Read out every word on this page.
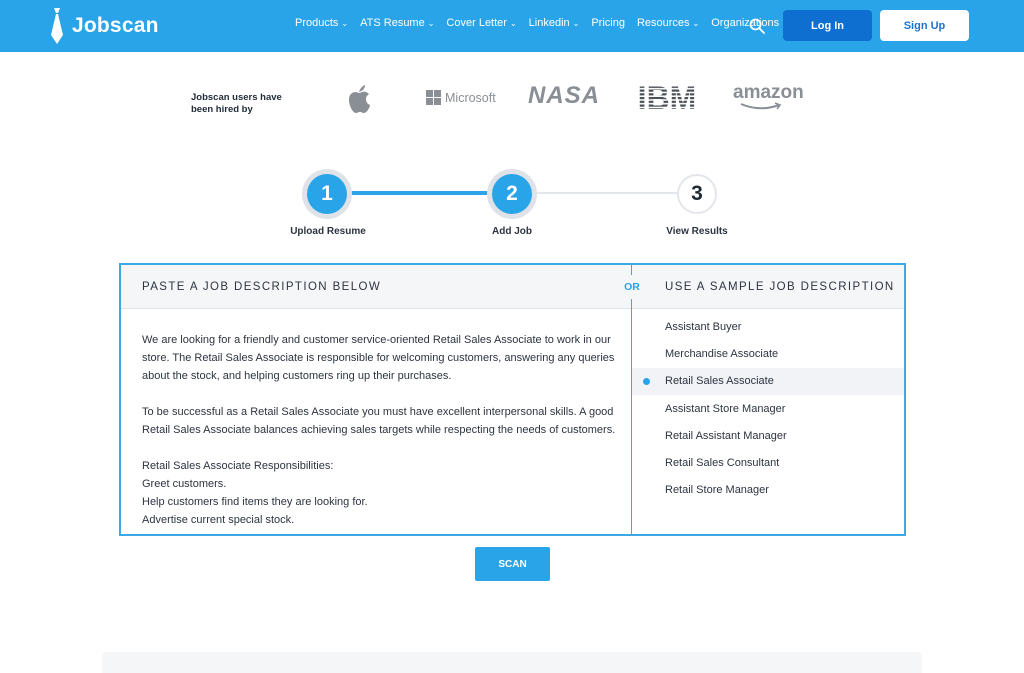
Jobscan	Products ⌄ ATS Resume ⌄ Cover Letter ⌄ Linkedin ⌄ Pricing Resources ⌄ Organizations	Log In	Sign Up
Jobscan users have been hired by
Microsoft NASA IBM amazon
1
Upload Resume
2
Add Job
3
View Results
PASTE A JOB DESCRIPTION BELOW	USE A SAMPLE JOB DESCRIPTION
OR

We are looking for a friendly and customer service-oriented Retail Sales Associate to work in our store. The Retail Sales Associate is responsible for welcoming customers, answering any queries about the stock, and helping customers ring up their purchases.

To be successful as a Retail Sales Associate you must have excellent interpersonal skills. A good Retail Sales Associate balances achieving sales targets while respecting the needs of customers.

Retail Sales Associate Responsibilities:
Greet customers.
Help customers find items they are looking for.
Advertise current special stock.
Assistant Buyer
Merchandise Associate
Retail Sales Associate
Assistant Store Manager
Retail Assistant Manager
Retail Sales Consultant
Retail Store Manager
SCAN
